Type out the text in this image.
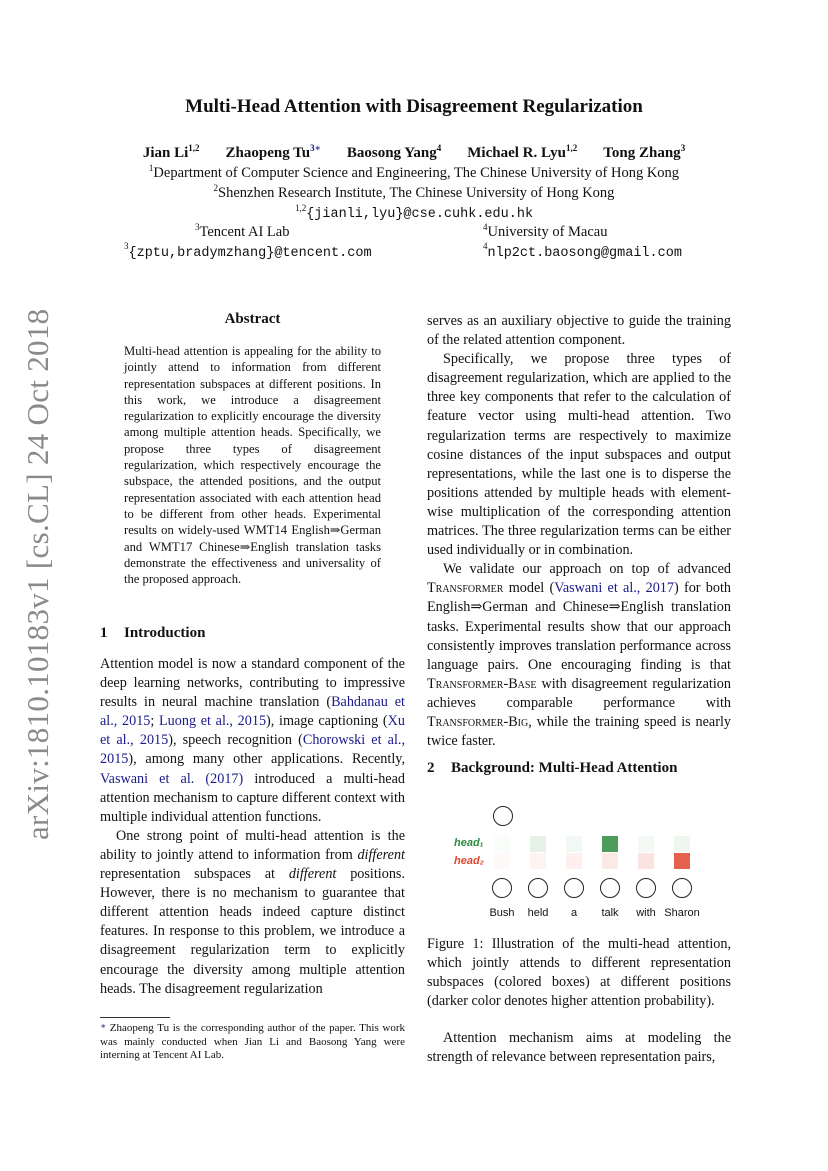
arXiv:1810.10183v1 [cs.CL] 24 Oct 2018
Multi-Head Attention with Disagreement Regularization
Jian Li$^{1,2}$ Zhaopeng $Tu^{3∗}$ Baosong Yang$^4$ Michael R. Lyu$^{1,2}$ Tong Zhang$^3$
$^1$Department of Computer Science and Engineering, The Chinese University of Hong Kong
$^2$Shenzhen Research Institute, The Chinese University of Hong Kong
$^{1,2}${jianli,lyu}@cse.cuhk.edu.hk
$^3$Tencent AI Lab	$^4$University of Macau
$^3${zptu,bradymzhang}@tencent.com	$^4$nlp2ct.baosong@gmail.com
Abstract
Multi-head attention is appealing for the ability to jointly attend to information from different representation subspaces at different positions. In this work, we introduce a disagreement regularization to explicitly encourage the diversity among multiple attention heads. Specifically, we propose three types of disagreement regularization, which respectively encourage the subspace, the attended positions, and the output representation associated with each attention head to be different from other heads. Experimental results on widely-used WMT14 English⇒German and WMT17 Chinese⇒English translation tasks demonstrate the effectiveness and universality of the proposed approach.
1 Introduction

Attention model is now a standard component of the deep learning networks, contributing to impressive results in neural machine translation (Bahdanau et al., 2015; Luong et al., 2015), image captioning (Xu et al., 2015), speech recognition (Chorowski et al., 2015), among many other applications. Recently, Vaswani et al. (2017) introduced a multi-head attention mechanism to capture different context with multiple individual attention functions.

One strong point of multi-head attention is the ability to jointly attend to information from different representation subspaces at different positions. However, there is no mechanism to guarantee that different attention heads indeed capture distinct features. In response to this problem, we introduce a disagreement regularization term to explicitly encourage the diversity among multiple attention heads. The disagreement regularization

∗ Zhaopeng Tu is the corresponding author of the paper. This work was mainly conducted when Jian Li and Baosong Yang were interning at Tencent AI Lab.

serves as an auxiliary objective to guide the training of the related attention component.

Specifically, we propose three types of disagreement regularization, which are applied to the three key components that refer to the calculation of feature vector using multi-head attention. Two regularization terms are respectively to maximize cosine distances of the input subspaces and output representations, while the last one is to disperse the positions attended by multiple heads with element-wise multiplication of the corresponding attention matrices. The three regularization terms can be either used individually or in combination.

We validate our approach on top of advanced Transformer model (Vaswani et al., 2017) for both English⇒German and Chinese⇒English translation tasks. Experimental results show that our approach consistently improves translation performance across language pairs. One encouraging finding is that Transformer-Base with disagreement regularization achieves comparable performance with Transformer-Big, while the training speed is nearly twice faster.

2 Background: Multi-Head Attention
head₁
head₂
Bush	held	a	talk	with Sharon
Figure 1: Illustration of the multi-head attention, which jointly attends to different representation subspaces (colored boxes) at different positions (darker color denotes higher attention probability).

Attention mechanism aims at modeling the strength of relevance between representation pairs,
